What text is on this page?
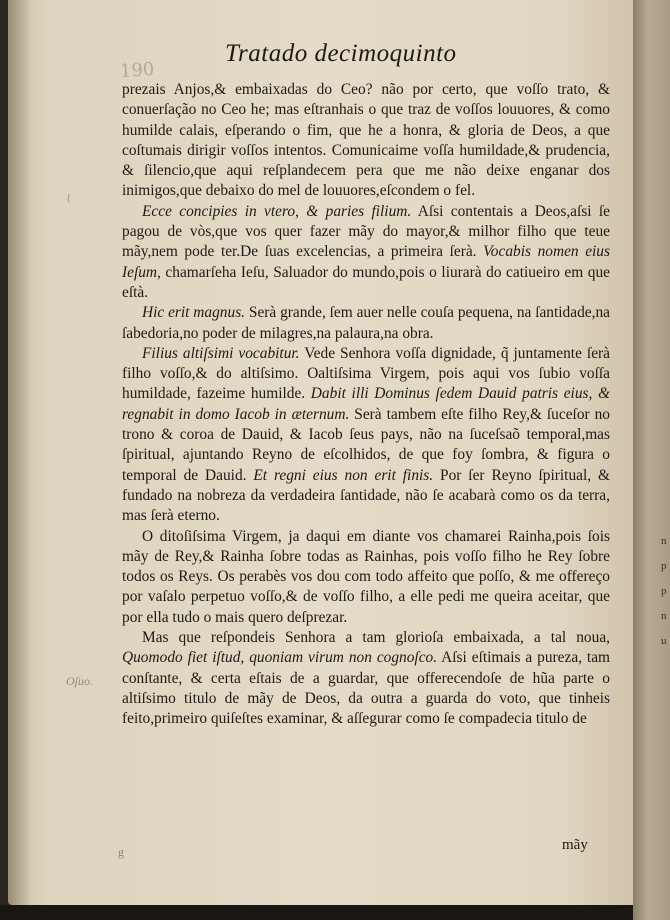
190
Tratado decimoquinto

prezais Anjos,& embaixadas do Ceo? não por certo, que voſſo trato, & conuerſação no Ceo he; mas eſtranhais o que traz de voſſos louuores, & como humilde calais, eſperando o fim, que he a honra, & gloria de Deos, a que coſtumais dirigir voſſos intentos. Comunicaime voſſa humildade,& prudencia, & ſilencio,que aqui reſplandecem pera que me não deixe enganar dos inimigos,que debaixo do mel de louuores,eſcondem o fel.

Ecce concipies in vtero, & paries filium. Aſsi contentais a Deos,aſsi ſe pagou de vòs,que vos quer fazer mãy do mayor,& milhor filho que teue mãy,nem pode ter.De ſuas excelencias, a primeira ſerà. Vocabis nomen eius Ieſum, chamarſeha Ieſu, Saluador do mundo,pois o liurarà do catiueiro em que eſtà.

Hic erit magnus. Serà grande, ſem auer nelle couſa pequena, na ſantidade,na ſabedoria,no poder de milagres,na palaura,na obra.

Filius altiſsimi vocabitur. Vede Senhora voſſa dignidade, q̃ juntamente ſerà filho voſſo,& do altiſsimo. Oaltiſsima Virgem, pois aqui vos ſubio voſſa humildade, fazeime humilde. Dabit illi Dominus ſedem Dauid patris eius, & regnabit in domo Iacob in æternum. Serà tambem eſte filho Rey,& ſuceſor no trono & coroa de Dauid, & Iacob ſeus pays, não na ſuceſsaõ temporal,mas ſpiritual, ajuntando Reyno de eſcolhidos, de que foy ſombra, & figura o temporal de Dauid. Et regni eius non erit finis. Por ſer Reyno ſpiritual, & fundado na nobreza da verdadeira ſantidade, não ſe acabarà como os da terra, mas ſerà eterno.

O ditoſiſsima Virgem, ja daqui em diante vos chamarei Rainha,pois ſois mãy de Rey,& Rainha ſobre todas as Rainhas, pois voſſo filho he Rey ſobre todos os Reys. Os perabès vos dou com todo affeito que poſſo, & me offereço por vaſalo perpetuo voſſo,& de voſſo filho, a elle pedi me queira aceitar, que por ella tudo o mais quero deſprezar.

Mas que reſpondeis Senhora a tam glorioſa embaixada, a tal noua, Quomodo fiet iſtud, quoniam virum non cognoſco. Aſsi eſtimais a pureza, tam conſtante, & certa eſtais de a guardar, que offerecendoſe de hũa parte o altiſsimo titulo de mãy de Deos, da outra a guarda do voto, que tinheis feito,primeiro quiſeſtes examinar, & aſſegurar como ſe compadecia titulo de

mãy
Oſuo.
{
g
n
p
p
n
u
